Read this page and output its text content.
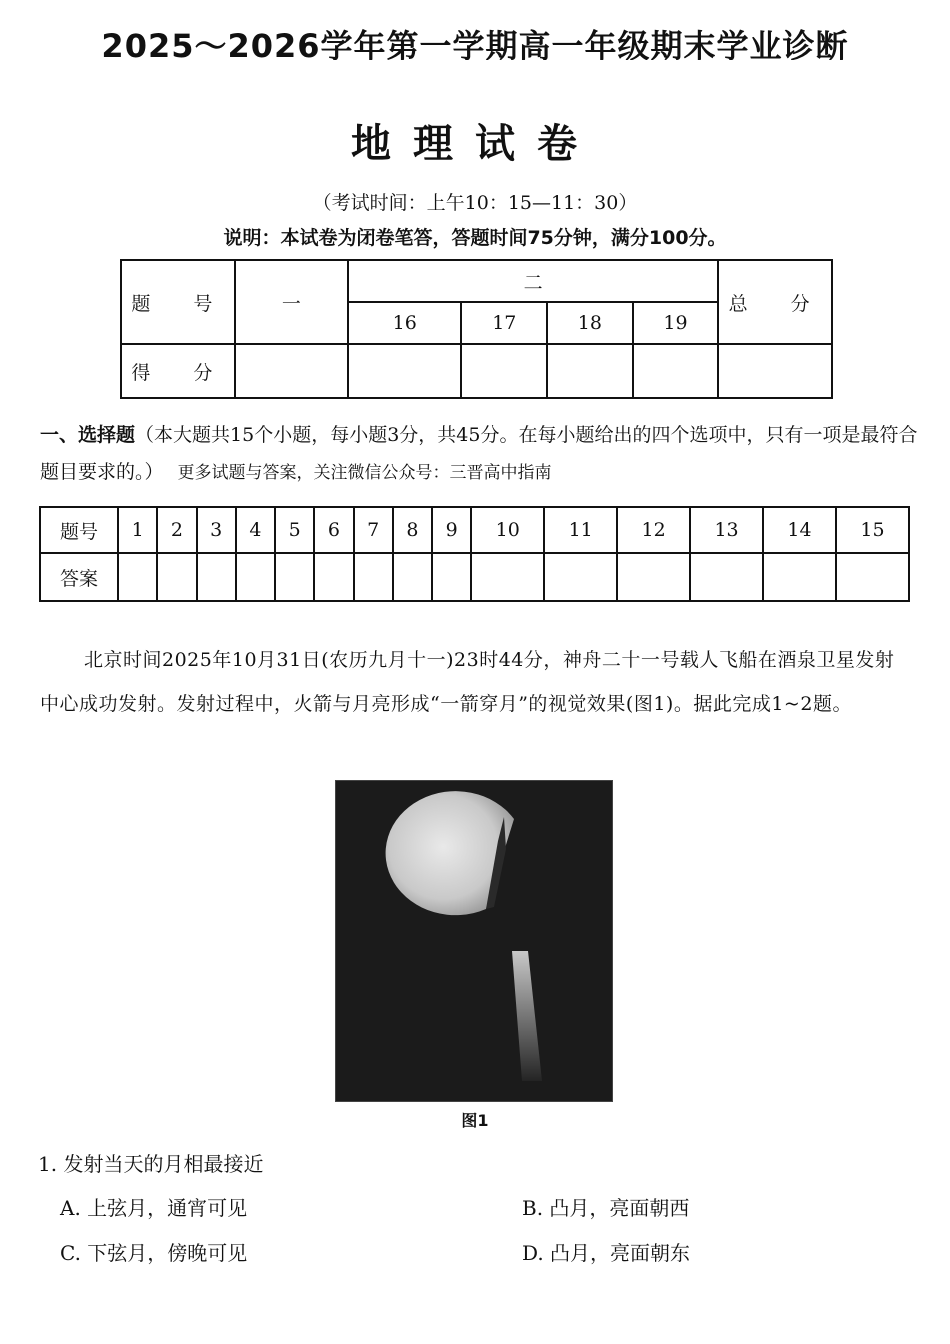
2025～2026学年第一学期高一年级期末学业诊断
地理试卷
（考试时间：上午10：15—11：30）
说明：本试卷为闭卷笔答，答题时间75分钟，满分100分。
题　号	一	二				总　分
		16	17	18	19	
得　分						
一、选择题（本大题共15个小题，每小题3分，共45分。在每小题给出的四个选项中，只有一项是最符合题目要求的。） 更多试题与答案，关注微信公众号：三晋高中指南
题号	1	2	3	4	5	6	7	8	9	10	11	12	13	14	15
答案															
北京时间2025年10月31日(农历九月十一)23时44分，神舟二十一号载人飞船在酒泉卫星发射中心成功发射。发射过程中，火箭与月亮形成“一箭穿月”的视觉效果(图1)。据此完成1~2题。
图1
1. 发射当天的月相最接近
A. 上弦月，通宵可见	B. 凸月，亮面朝西
C. 下弦月，傍晚可见	D. 凸月，亮面朝东
